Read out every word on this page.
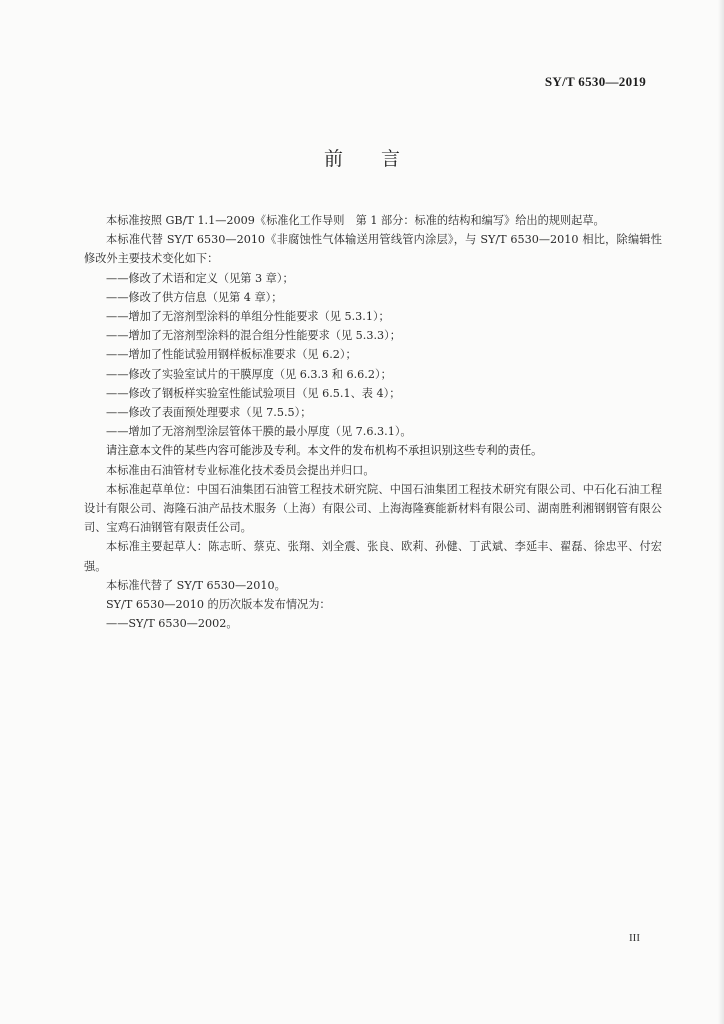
SY/T 6530—2019
前言

本标准按照 GB/T 1.1—2009《标准化工作导则　第 1 部分：标准的结构和编写》给出的规则起草。

本标准代替 SY/T 6530—2010《非腐蚀性气体输送用管线管内涂层》，与 SY/T 6530—2010 相比，除编辑性修改外主要技术变化如下：

——修改了术语和定义（见第 3 章）；

——修改了供方信息（见第 4 章）；

——增加了无溶剂型涂料的单组分性能要求（见 5.3.1）；

——增加了无溶剂型涂料的混合组分性能要求（见 5.3.3）；

——增加了性能试验用钢样板标准要求（见 6.2）；

——修改了实验室试片的干膜厚度（见 6.3.3 和 6.6.2）；

——修改了钢板样实验室性能试验项目（见 6.5.1、表 4）；

——修改了表面预处理要求（见 7.5.5）；

——增加了无溶剂型涂层管体干膜的最小厚度（见 7.6.3.1）。

请注意本文件的某些内容可能涉及专利。本文件的发布机构不承担识别这些专利的责任。

本标准由石油管材专业标准化技术委员会提出并归口。

本标准起草单位：中国石油集团石油管工程技术研究院、中国石油集团工程技术研究有限公司、中石化石油工程设计有限公司、海隆石油产品技术服务（上海）有限公司、上海海隆赛能新材料有限公司、湖南胜利湘钢钢管有限公司、宝鸡石油钢管有限责任公司。

本标准主要起草人：陈志昕、蔡克、张翔、刘全震、张良、欧莉、孙健、丁武斌、李延丰、翟磊、徐忠平、付宏强。

本标准代替了 SY/T 6530—2010。

SY/T 6530—2010 的历次版本发布情况为：

——SY/T 6530—2002。

III
